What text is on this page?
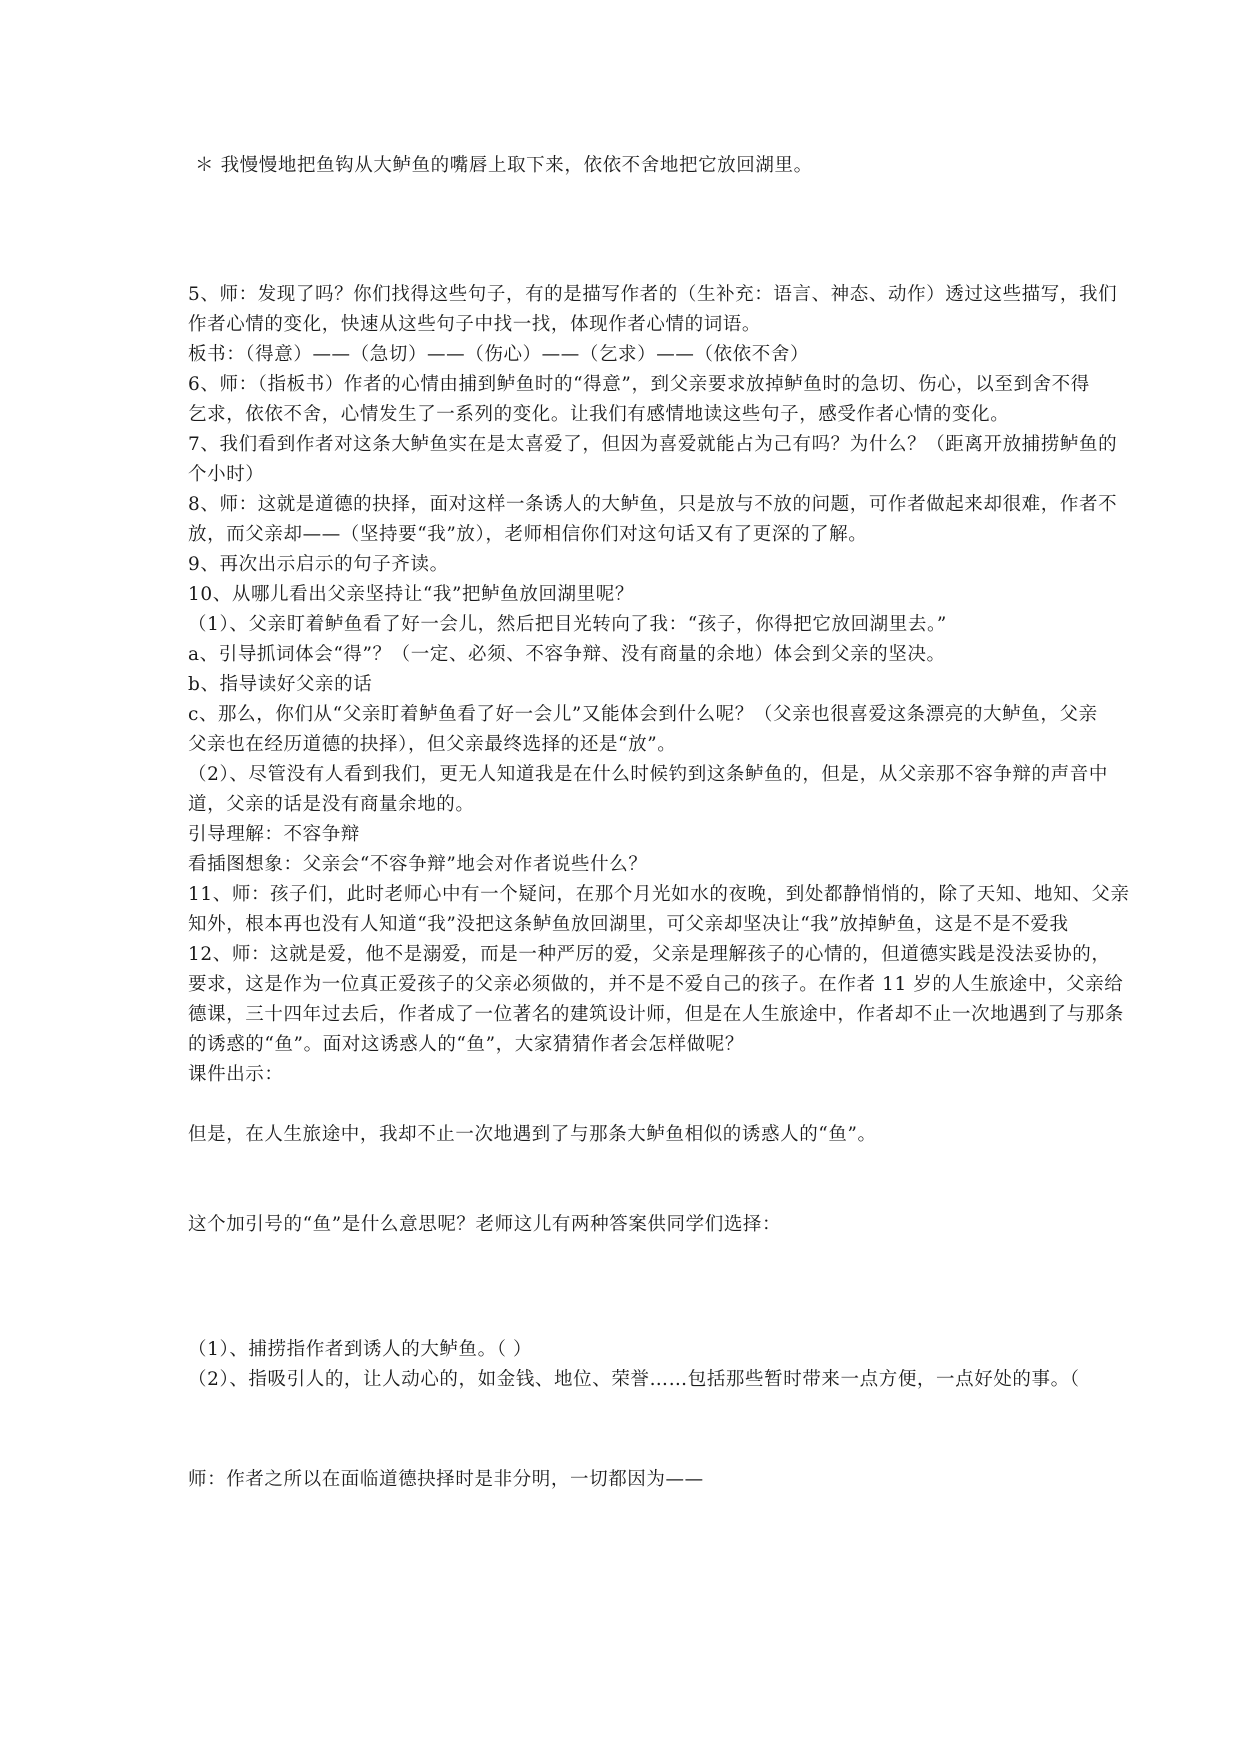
＊ 我慢慢地把鱼钩从大鲈鱼的嘴唇上取下来，依依不舍地把它放回湖里。
5、师：发现了吗？你们找得这些句子，有的是描写作者的（生补充：语言、神态、动作）透过这些描写，我们
作者心情的变化，快速从这些句子中找一找，体现作者心情的词语。
板书：（得意）——（急切）——（伤心）——（乞求）——（依依不舍）
6、师：（指板书）作者的心情由捕到鲈鱼时的“得意”，到父亲要求放掉鲈鱼时的急切、伤心，以至到舍不得
乞求，依依不舍，心情发生了一系列的变化。让我们有感情地读这些句子，感受作者心情的变化。
7、我们看到作者对这条大鲈鱼实在是太喜爱了，但因为喜爱就能占为己有吗？为什么？（距离开放捕捞鲈鱼的
个小时）
8、师：这就是道德的抉择，面对这样一条诱人的大鲈鱼，只是放与不放的问题，可作者做起来却很难，作者不
放，而父亲却——（坚持要“我”放），老师相信你们对这句话又有了更深的了解。
9、再次出示启示的句子齐读。
10、从哪儿看出父亲坚持让“我”把鲈鱼放回湖里呢？
（1）、父亲盯着鲈鱼看了好一会儿，然后把目光转向了我：“孩子，你得把它放回湖里去。”
a、引导抓词体会“得”？（一定、必须、不容争辩、没有商量的余地）体会到父亲的坚决。
b、指导读好父亲的话
c、那么，你们从“父亲盯着鲈鱼看了好一会儿”又能体会到什么呢？（父亲也很喜爱这条漂亮的大鲈鱼，父亲
父亲也在经历道德的抉择），但父亲最终选择的还是“放”。
（2）、尽管没有人看到我们，更无人知道我是在什么时候钓到这条鲈鱼的，但是，从父亲那不容争辩的声音中
道，父亲的话是没有商量余地的。
引导理解：不容争辩
看插图想象：父亲会“不容争辩”地会对作者说些什么？
11、师：孩子们，此时老师心中有一个疑问，在那个月光如水的夜晚，到处都静悄悄的，除了天知、地知、父亲
知外，根本再也没有人知道“我”没把这条鲈鱼放回湖里，可父亲却坚决让“我”放掉鲈鱼，这是不是不爱我
12、师：这就是爱，他不是溺爱，而是一种严厉的爱，父亲是理解孩子的心情的，但道德实践是没法妥协的，
要求，这是作为一位真正爱孩子的父亲必须做的，并不是不爱自己的孩子。在作者 11 岁的人生旅途中，父亲给
德课，三十四年过去后，作者成了一位著名的建筑设计师，但是在人生旅途中，作者却不止一次地遇到了与那条
的诱惑的“鱼”。面对这诱惑人的“鱼”，大家猜猜作者会怎样做呢？
课件出示：
但是，在人生旅途中，我却不止一次地遇到了与那条大鲈鱼相似的诱惑人的“鱼”。
这个加引号的“鱼”是什么意思呢？老师这儿有两种答案供同学们选择：
（1）、捕捞指作者到诱人的大鲈鱼。（ ）
（2）、指吸引人的，让人动心的，如金钱、地位、荣誉……包括那些暂时带来一点方便，一点好处的事。（
师：作者之所以在面临道德抉择时是非分明，一切都因为——
